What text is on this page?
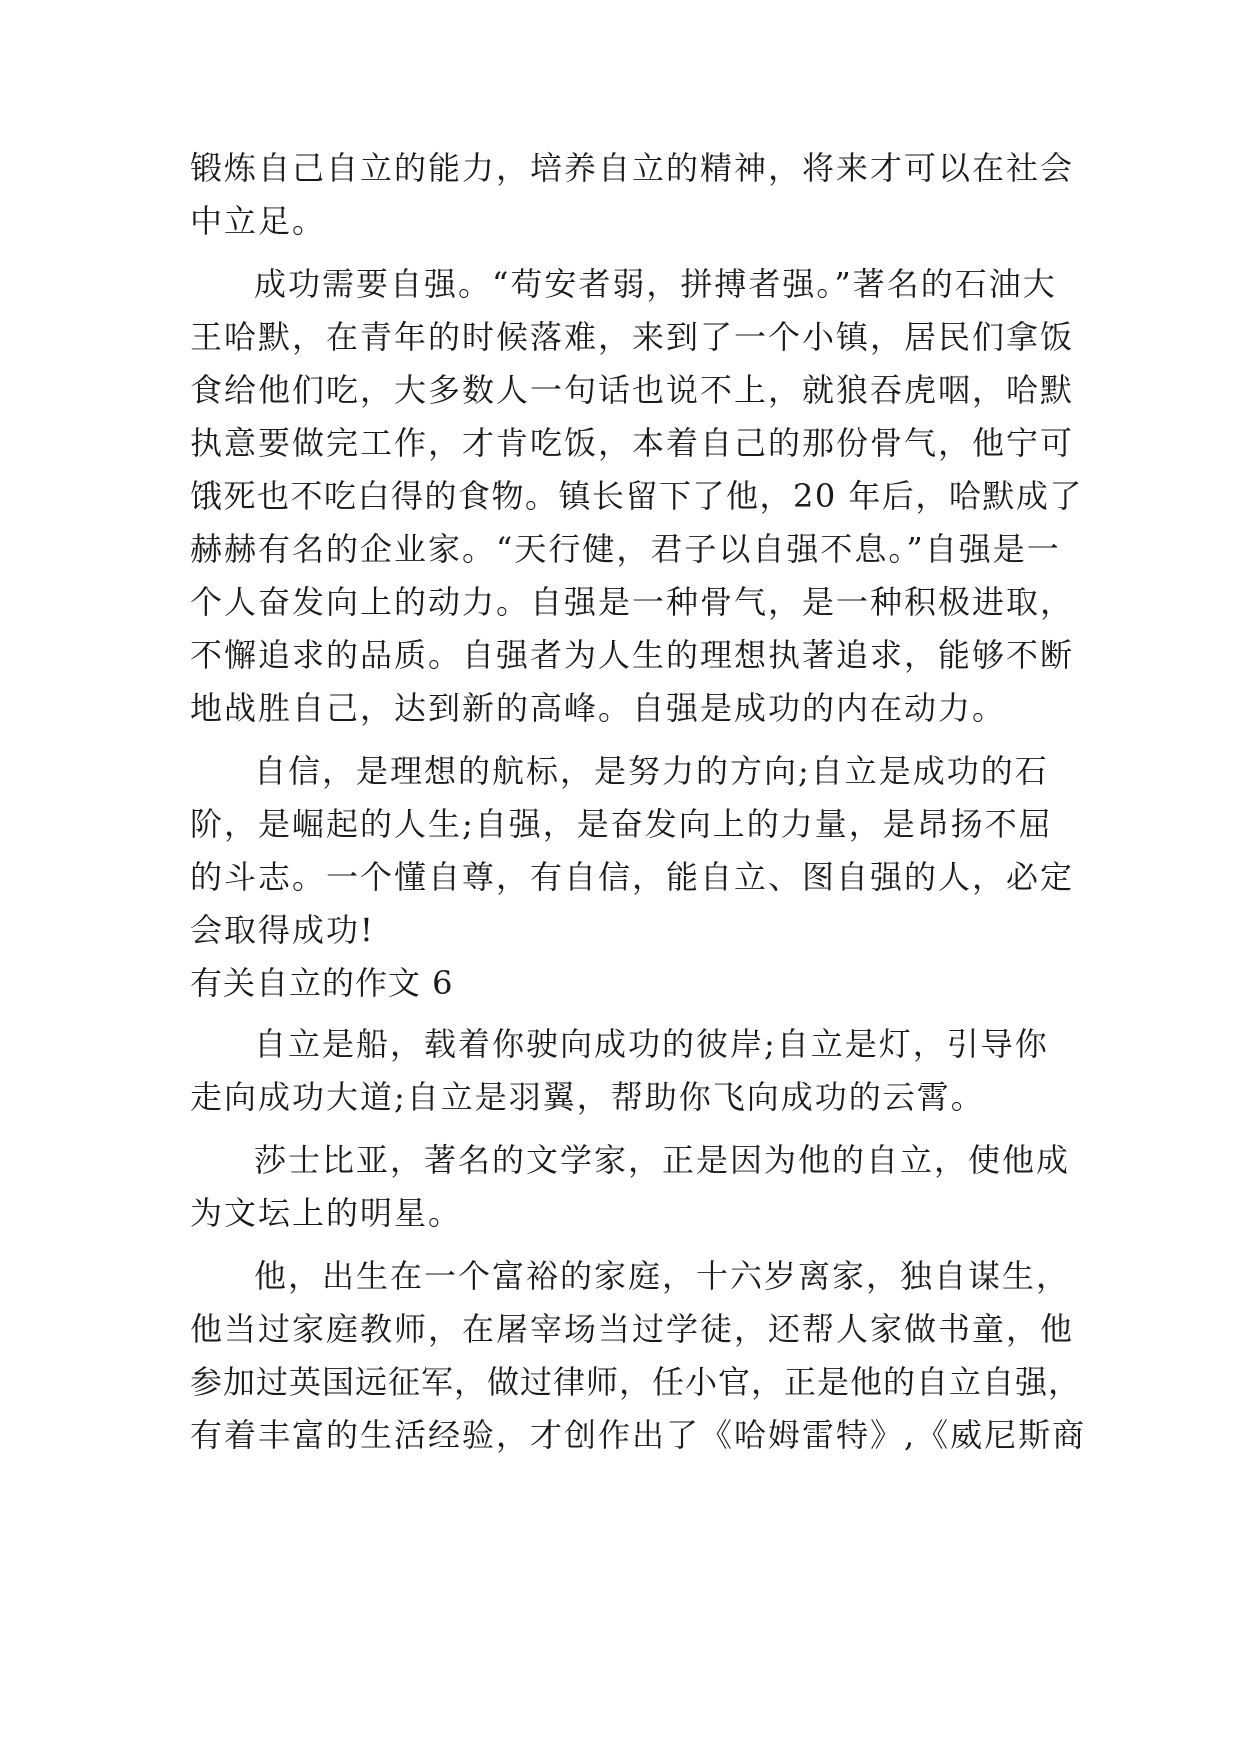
锻炼自己自立的能力，培养自立的精神，将来才可以在社会
中立足。
成功需要自强。“苟安者弱，拼搏者强。”著名的石油大
王哈默，在青年的时候落难，来到了一个小镇，居民们拿饭
食给他们吃，大多数人一句话也说不上，就狼吞虎咽，哈默
执意要做完工作，才肯吃饭，本着自己的那份骨气，他宁可
饿死也不吃白得的食物。镇长留下了他，20 年后，哈默成了
赫赫有名的企业家。“天行健，君子以自强不息。”自强是一
个人奋发向上的动力。自强是一种骨气，是一种积极进取，
不懈追求的品质。自强者为人生的理想执著追求，能够不断
地战胜自己，达到新的高峰。自强是成功的内在动力。
自信，是理想的航标，是努力的方向;自立是成功的石
阶，是崛起的人生;自强，是奋发向上的力量，是昂扬不屈
的斗志。一个懂自尊，有自信，能自立、图自强的人，必定
会取得成功!
有关自立的作文 6
自立是船，载着你驶向成功的彼岸;自立是灯，引导你
走向成功大道;自立是羽翼，帮助你飞向成功的云霄。
莎士比亚，著名的文学家，正是因为他的自立，使他成
为文坛上的明星。
他，出生在一个富裕的家庭，十六岁离家，独自谋生，
他当过家庭教师，在屠宰场当过学徒，还帮人家做书童，他
参加过英国远征军，做过律师，任小官，正是他的自立自强，
有着丰富的生活经验，才创作出了《哈姆雷特》,《威尼斯商
